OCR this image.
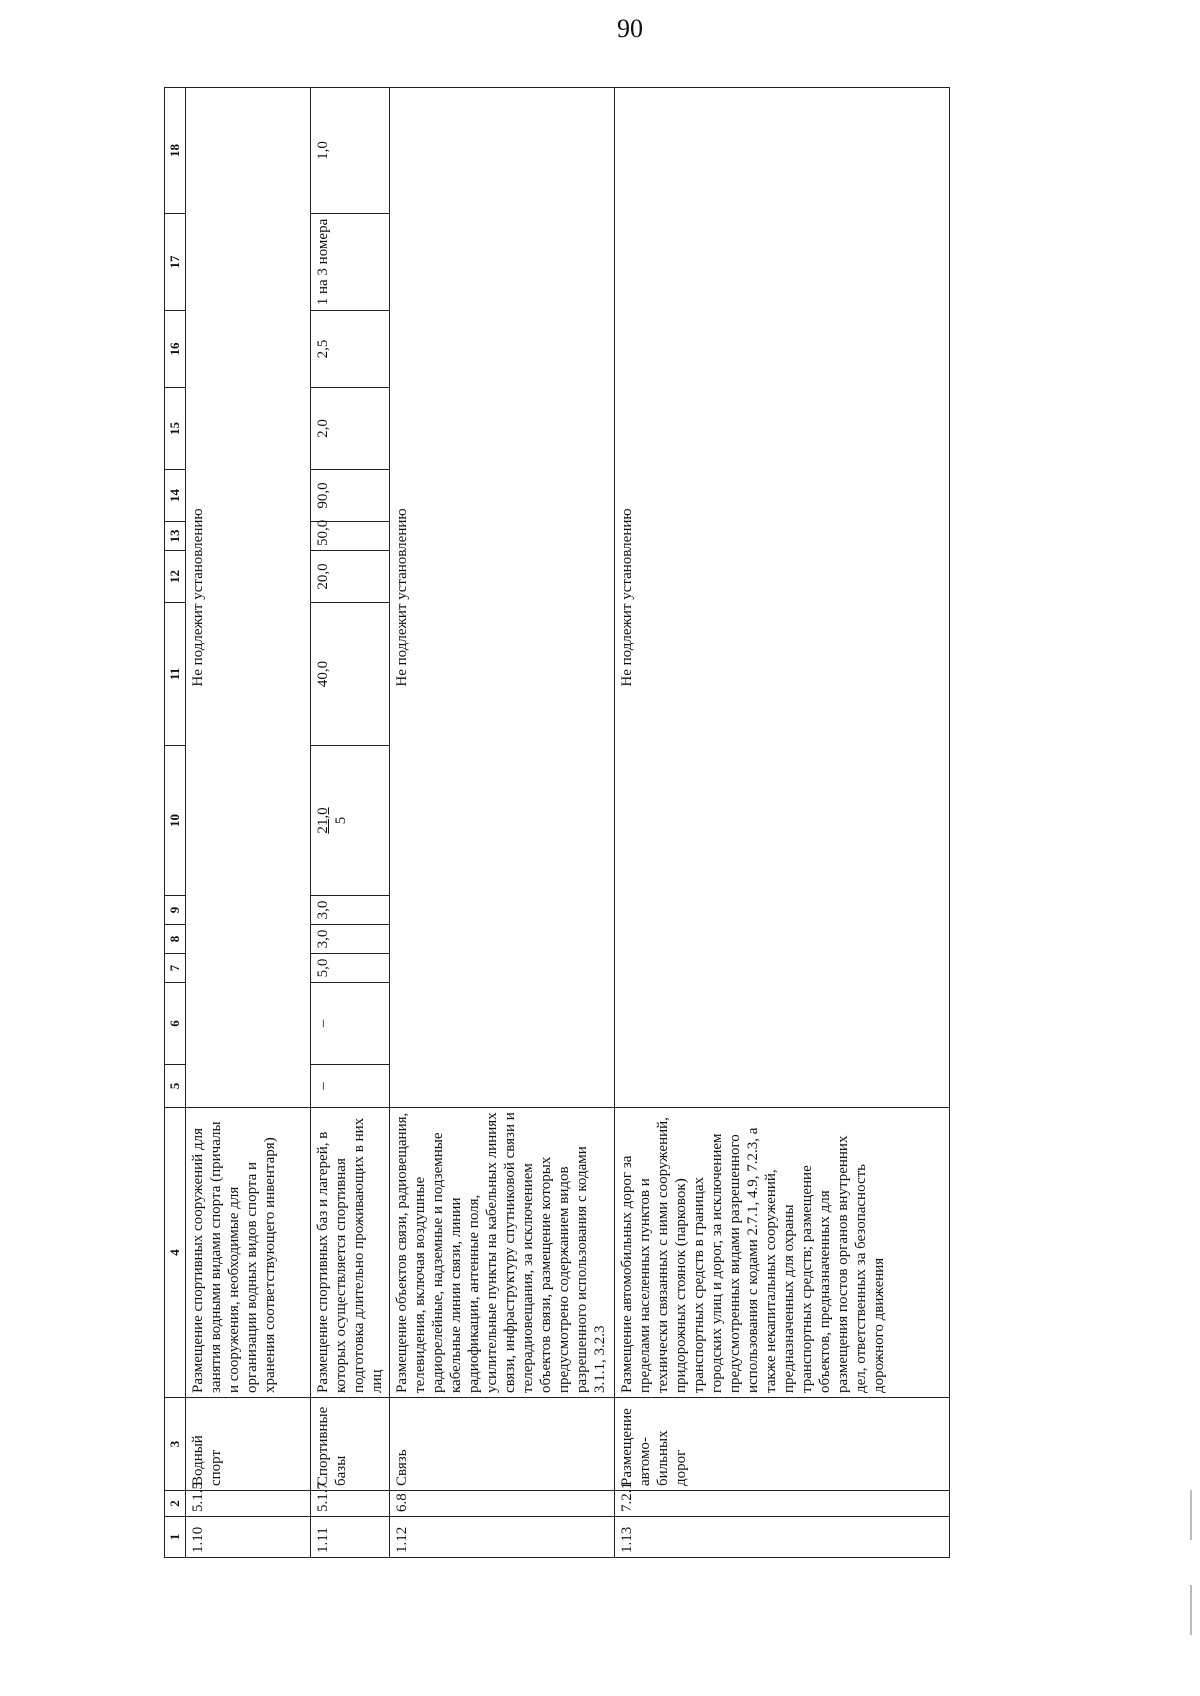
90
1	2	3	4	5	6	7	8	9	10	11	12	13	14	15	16	17	18
1.10	5.1.5	Водный спорт	Размещение спортивных сооружений для занятия водными видами спорта (причалы и сооружения, необходимые для организации водных видов спорта и хранения соответствующего инвентаря)	Не подлежит установлению													
1.11	5.1.7	Спортивные базы	Размещение спортивных баз и лагерей, в которых осуществляется спортивная подготовка длительно проживающих в них лиц	–	–	5,0	3,0	3,0	21,0 5	40,0	20,0	50,0	90,0	2,0	2,5	1 на 3 номера	1,0
1.12	6.8	Связь	Размещение объектов связи, радиовещания, телевидения, включая воздушные радиорелейные, надземные и подземные кабельные линии связи, линии радиофикации, антенные поля, усилительные пункты на кабельных линиях связи, инфраструктуру спутниковой связи и телерадиовещания, за исключением объектов связи, размещение которых предусмотрено содержанием видов разрешенного использования с кодами 3.1.1, 3.2.3	Не подлежит установлению													
1.13	7.2.1	Размещение автомо-бильных дорог	Размещение автомобильных дорог за пределами населенных пунктов и технически связанных с ними сооружений, придорожных стоянок (парковок) транспортных средств в границах городских улиц и дорог, за исключением предусмотренных видами разрешенного использования с кодами 2.7.1, 4.9, 7.2.3, а также некапитальных сооружений, предназначенных для охраны транспортных средств; размещение объектов, предназначенных для размещения постов органов внутренних дел, ответственных за безопасность дорожного движения	Не подлежит установлению													
